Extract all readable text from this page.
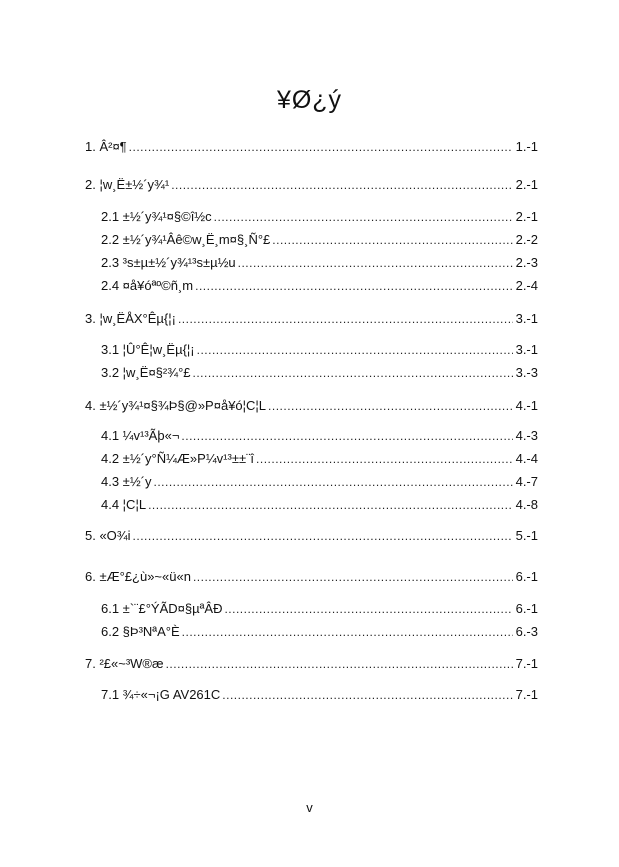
¥Ø¿ý
1. Â²¤¶ .....	1.-1
2. ¦w¸Ë±½´y¾¹ .....	2.-1
2.1 ±½´y¾¹¤§©î½c .....	2.-1
2.2 ±½´y¾¹Âê©w¸Ë¸m¤§¸Ñ°£ .....	2.-2
2.3 ³s±µ±½´y¾¹³s±µ½u .....	2.-3
2.4 ¤å¥óªº©ñ¸m .....	2.-4
3. ¦w¸ËÅX°Êµ{¦¡ .....	3.-1
3.1 ¦Û°Ê¦w¸Ëµ{¦¡ .....	3.-1
3.2 ¦w¸Ë¤§²¾°£ .....	3.-3
4. ±½´y¾¹¤§¾Þ§@»P¤å¥ó¦C¦L .....	4.-1
4.1 ¼v¹³Ãþ«¬ .....	4.-3
4.2 ±½´y°Ñ¼Æ»P¼v¹³±±¨î .....	4.-4
4.3 ±½´y .....	4.-7
4.4 ¦C¦L .....	4.-8
5. «O¾i .....	5.-1
6. ±Æ°£¿ù»~«ü«n .....	6.-1
6.1 ±`¨£°ÝÃD¤§µªÂÐ .....	6.-1
6.2 §Þ³NªA°È .....	6.-3
7. ²£«~³W®æ .....	7.-1
7.1 ¾÷«¬¡G AV261C .....	7.-1
v
